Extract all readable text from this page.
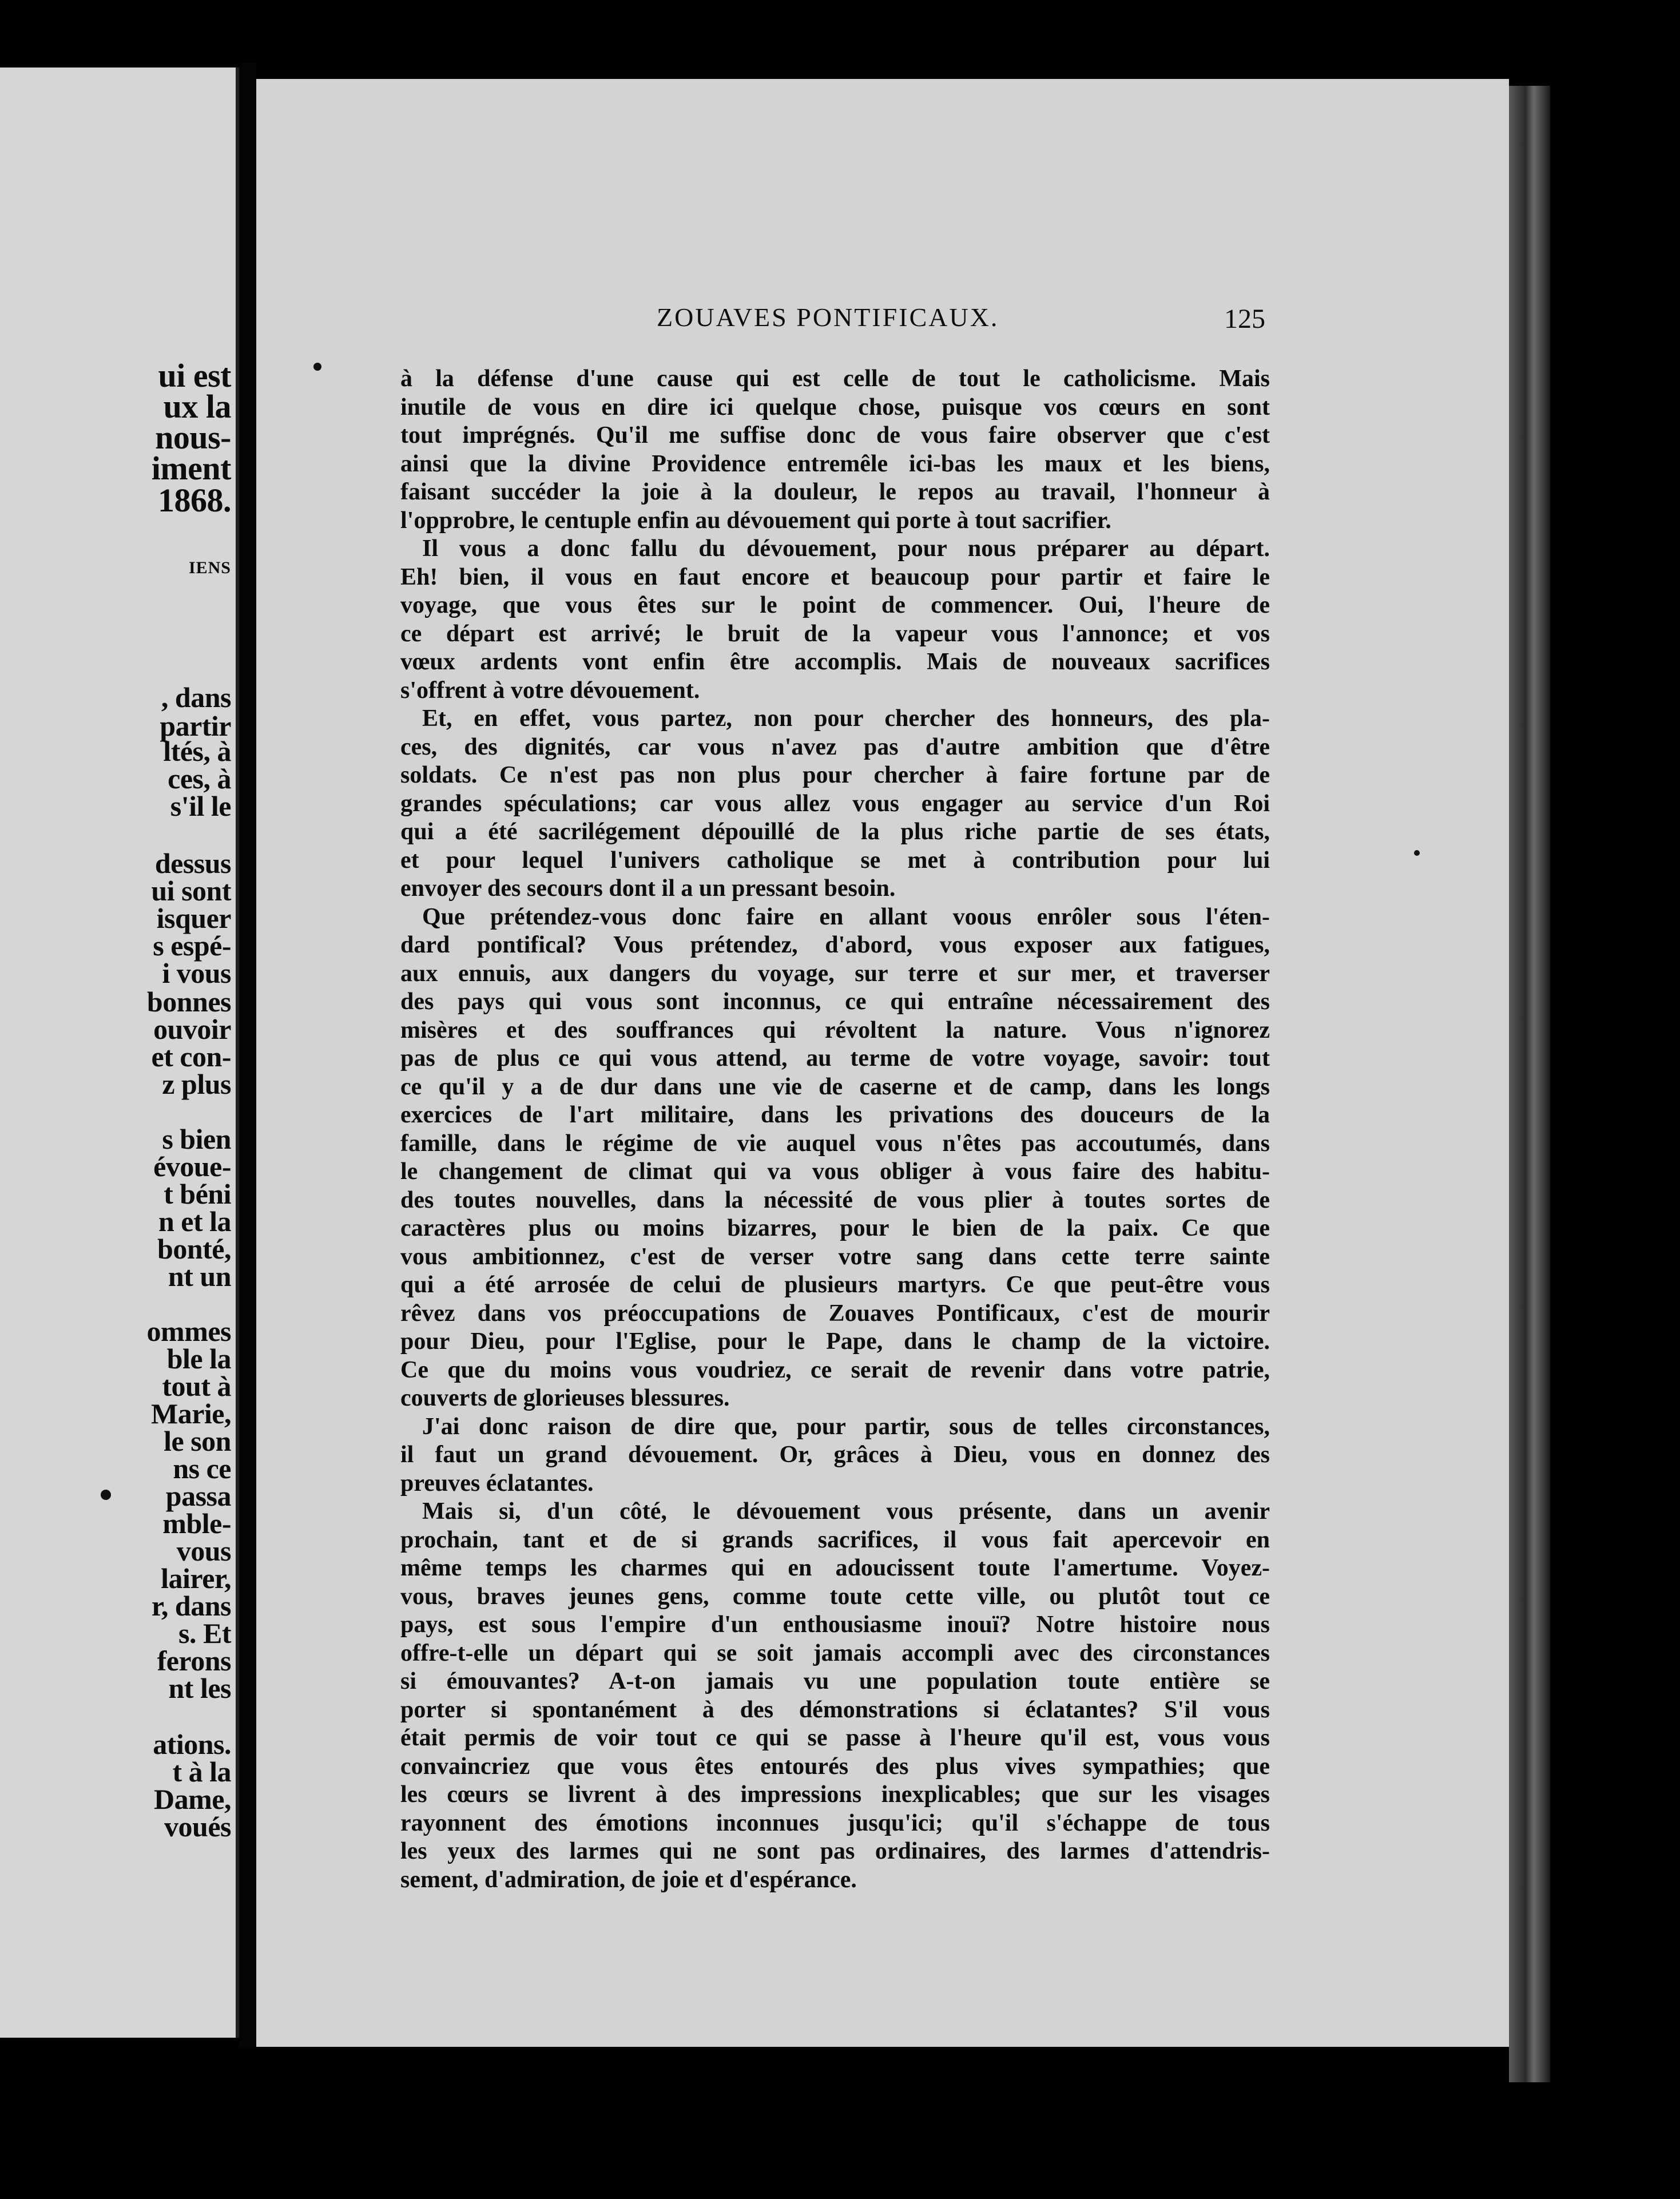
ui est
ux la
nous-
iment
1868.
IENS
, dans
partir
ltés, à
ces, à
s'il le
dessus
ui sont
isquer
s espé-
i vous
bonnes
ouvoir
et con-
z plus
s bien
évoue-
t béni
n et la
bonté,
nt un
ommes
ble la
tout à
Marie,
le son
ns ce
passa
mble-
vous
lairer,
r, dans
s. Et
ferons
nt les
ations.
t à la
Dame,
voués
ZOUAVES PONTIFICAUX.	125
à la défense d'une cause qui est celle de tout le catholicisme. Mais
inutile de vous en dire ici quelque chose, puisque vos cœurs en sont
tout imprégnés. Qu'il me suffise donc de vous faire observer que c'est
ainsi que la divine Providence entremêle ici-bas les maux et les biens,
faisant succéder la joie à la douleur, le repos au travail, l'honneur à
l'opprobre, le centuple enfin au dévouement qui porte à tout sacrifier.
Il vous a donc fallu du dévouement, pour nous préparer au départ.
Eh! bien, il vous en faut encore et beaucoup pour partir et faire le
voyage, que vous êtes sur le point de commencer. Oui, l'heure de
ce départ est arrivé; le bruit de la vapeur vous l'annonce; et vos
vœux ardents vont enfin être accomplis. Mais de nouveaux sacrifices
s'offrent à votre dévouement.
Et, en effet, vous partez, non pour chercher des honneurs, des pla-
ces, des dignités, car vous n'avez pas d'autre ambition que d'être
soldats. Ce n'est pas non plus pour chercher à faire fortune par de
grandes spéculations; car vous allez vous engager au service d'un Roi
qui a été sacrilégement dépouillé de la plus riche partie de ses états,
et pour lequel l'univers catholique se met à contribution pour lui
envoyer des secours dont il a un pressant besoin.
Que prétendez-vous donc faire en allant voous enrôler sous l'éten-
dard pontifical? Vous prétendez, d'abord, vous exposer aux fatigues,
aux ennuis, aux dangers du voyage, sur terre et sur mer, et traverser
des pays qui vous sont inconnus, ce qui entraîne nécessairement des
misères et des souffrances qui révoltent la nature. Vous n'ignorez
pas de plus ce qui vous attend, au terme de votre voyage, savoir: tout
ce qu'il y a de dur dans une vie de caserne et de camp, dans les longs
exercices de l'art militaire, dans les privations des douceurs de la
famille, dans le régime de vie auquel vous n'êtes pas accoutumés, dans
le changement de climat qui va vous obliger à vous faire des habitu-
des toutes nouvelles, dans la nécessité de vous plier à toutes sortes de
caractères plus ou moins bizarres, pour le bien de la paix. Ce que
vous ambitionnez, c'est de verser votre sang dans cette terre sainte
qui a été arrosée de celui de plusieurs martyrs. Ce que peut-être vous
rêvez dans vos préoccupations de Zouaves Pontificaux, c'est de mourir
pour Dieu, pour l'Eglise, pour le Pape, dans le champ de la victoire.
Ce que du moins vous voudriez, ce serait de revenir dans votre patrie,
couverts de glorieuses blessures.
J'ai donc raison de dire que, pour partir, sous de telles circonstances,
il faut un grand dévouement. Or, grâces à Dieu, vous en donnez des
preuves éclatantes.
Mais si, d'un côté, le dévouement vous présente, dans un avenir
prochain, tant et de si grands sacrifices, il vous fait apercevoir en
même temps les charmes qui en adoucissent toute l'amertume. Voyez-
vous, braves jeunes gens, comme toute cette ville, ou plutôt tout ce
pays, est sous l'empire d'un enthousiasme inouï? Notre histoire nous
offre-t-elle un départ qui se soit jamais accompli avec des circonstances
si émouvantes? A-t-on jamais vu une population toute entière se
porter si spontanément à des démonstrations si éclatantes? S'il vous
était permis de voir tout ce qui se passe à l'heure qu'il est, vous vous
convaincriez que vous êtes entourés des plus vives sympathies; que
les cœurs se livrent à des impressions inexplicables; que sur les visages
rayonnent des émotions inconnues jusqu'ici; qu'il s'échappe de tous
les yeux des larmes qui ne sont pas ordinaires, des larmes d'attendris-
sement, d'admiration, de joie et d'espérance.
